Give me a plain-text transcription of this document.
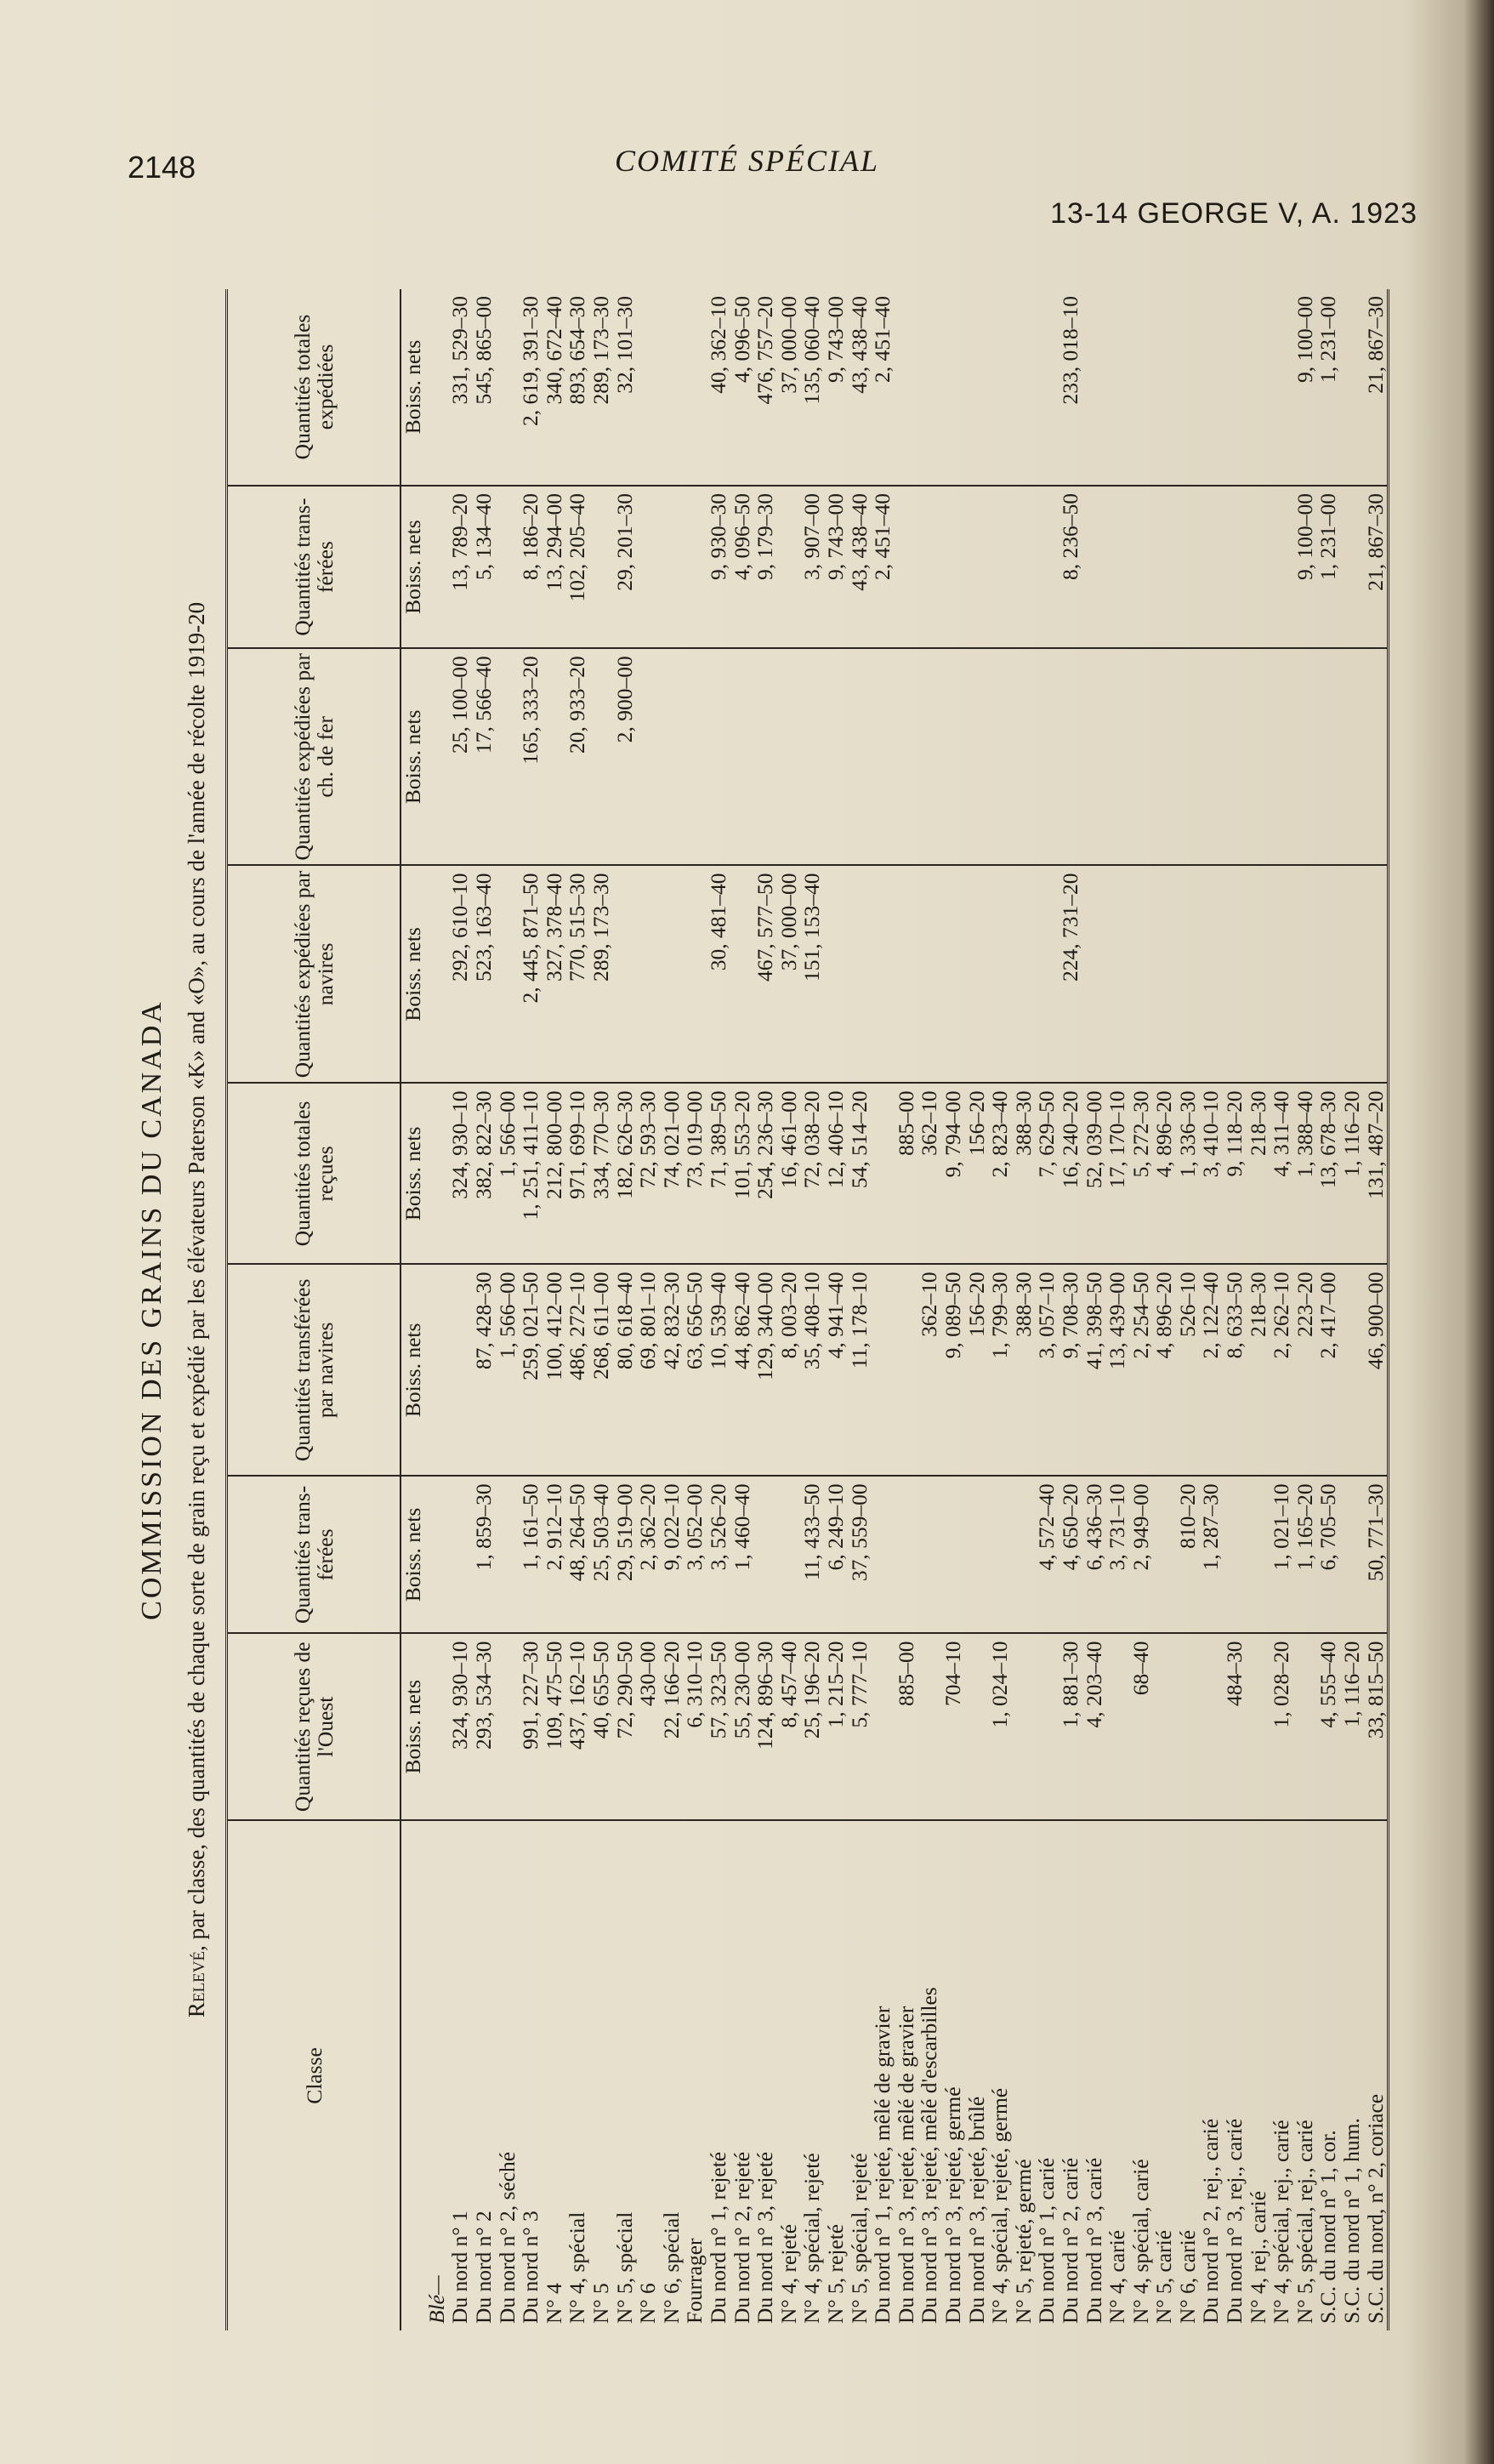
2148	COMITÉ SPÉCIAL
13-14 GEORGE V, A. 1923
COMMISSION DES GRAINS DU CANADA
Relevé, par classe, des quantités de chaque sorte de grain reçu et expédié par les élévateurs Paterson «K» and «O», au cours de l'année de récolte 1919-20
Classe	Quantités reçues de l'Ouest	Quantités trans-férées	Quantités transférées par navires	Quantités totales reçues	Quantités expédiées par navires	Quantités expédiées par ch. de fer	Quantités trans-férées	Quantités totales expédiées
	Boiss. nets	Boiss. nets	Boiss. nets	Boiss. nets	Boiss. nets	Boiss. nets	Boiss. nets	Boiss. nets
Blé—								
Du nord n° 1	324, 930–10			324, 930–10	292, 610–10	25, 100–00	13, 789–20	331, 529–30
Du nord n° 2	293, 534–30	1, 859–30	87, 428–30	382, 822–30	523, 163–40	17, 566–40	5, 134–40	545, 865–00
Du nord n° 2, séché			1, 566–00	1, 566–00				
Du nord n° 3	991, 227–30	1, 161–50	259, 021–50	1, 251, 411–10	2, 445, 871–50	165, 333–20	8, 186–20	2, 619, 391–30
N° 4	109, 475–50	2, 912–10	100, 412–00	212, 800–00	327, 378–40		13, 294–00	340, 672–40
N° 4, spécial	437, 162–10	48, 264–50	486, 272–10	971, 699–10	770, 515–30	20, 933–20	102, 205–40	893, 654–30
N° 5	40, 655–50	25, 503–40	268, 611–00	334, 770–30	289, 173–30			289, 173–30
N° 5, spécial	72, 290–50	29, 519–00	80, 618–40	182, 626–30		2, 900–00	29, 201–30	32, 101–30
N° 6	430–00	2, 362–20	69, 801–10	72, 593–30				
N° 6, spécial	22, 166–20	9, 022–10	42, 832–30	74, 021–00				
Fourrager	6, 310–10	3, 052–00	63, 656–50	73, 019–00				
Du nord n° 1, rejeté	57, 323–50	3, 526–20	10, 539–40	71, 389–50	30, 481–40		9, 930–30	40, 362–10
Du nord n° 2, rejeté	55, 230–00	1, 460–40	44, 862–40	101, 553–20			4, 096–50	4, 096–50
Du nord n° 3, rejeté	124, 896–30		129, 340–00	254, 236–30	467, 577–50		9, 179–30	476, 757–20
N° 4, rejeté	8, 457–40		8, 003–20	16, 461–00	37, 000–00			37, 000–00
N° 4, spécial, rejeté	25, 196–20	11, 433–50	35, 408–10	72, 038–20	151, 153–40		3, 907–00	135, 060–40
N° 5, rejeté	1, 215–20	6, 249–10	4, 941–40	12, 406–10			9, 743–00	9, 743–00
N° 5, spécial, rejeté	5, 777–10	37, 559–00	11, 178–10	54, 514–20			43, 438–40	43, 438–40
Du nord n° 1, rejeté, mêlé de gravier							2, 451–40	2, 451–40
Du nord n° 3, rejeté, mêlé de gravier	885–00			885–00				
Du nord n° 3, rejeté, mêlé d'escarbilles			362–10	362–10				
Du nord n° 3, rejeté, germé	704–10		9, 089–50	9, 794–00				
Du nord n° 3, rejeté, brûlé			156–20	156–20				
N° 4, spécial, rejeté, germé	1, 024–10		1, 799–30	2, 823–40				
N° 5, rejeté, germé			388–30	388–30				
Du nord n° 1, carié		4, 572–40	3, 057–10	7, 629–50				
Du nord n° 2, carié	1, 881–30	4, 650–20	9, 708–30	16, 240–20	224, 731–20		8, 236–50	233, 018–10
Du nord n° 3, carié	4, 203–40	6, 436–30	41, 398–50	52, 039–00				
N° 4, carié		3, 731–10	13, 439–00	17, 170–10				
N° 4, spécial, carié	68–40	2, 949–00	2, 254–50	5, 272–30				
N° 5, carié			4, 896–20	4, 896–20				
N° 6, carié		810–20	526–10	1, 336–30				
Du nord n° 2, rej., carié		1, 287–30	2, 122–40	3, 410–10				
Du nord n° 3, rej., carié	484–30		8, 633–50	9, 118–20				
N° 4, rej., carié			218–30	218–30				
N° 4, spécial, rej., carié	1, 028–20	1, 021–10	2, 262–10	4, 311–40				
N° 5, spécial, rej., carié		1, 165–20	223–20	1, 388–40			9, 100–00	9, 100–00
S.C. du nord n° 1, cor.	4, 555–40	6, 705–50	2, 417–00	13, 678–30			1, 231–00	1, 231–00
S.C. du nord n° 1, hum.	1, 116–20			1, 116–20				
S.C. du nord, n° 2, coriace	33, 815–50	50, 771–30	46, 900–00	131, 487–20			21, 867–30	21, 867–30
